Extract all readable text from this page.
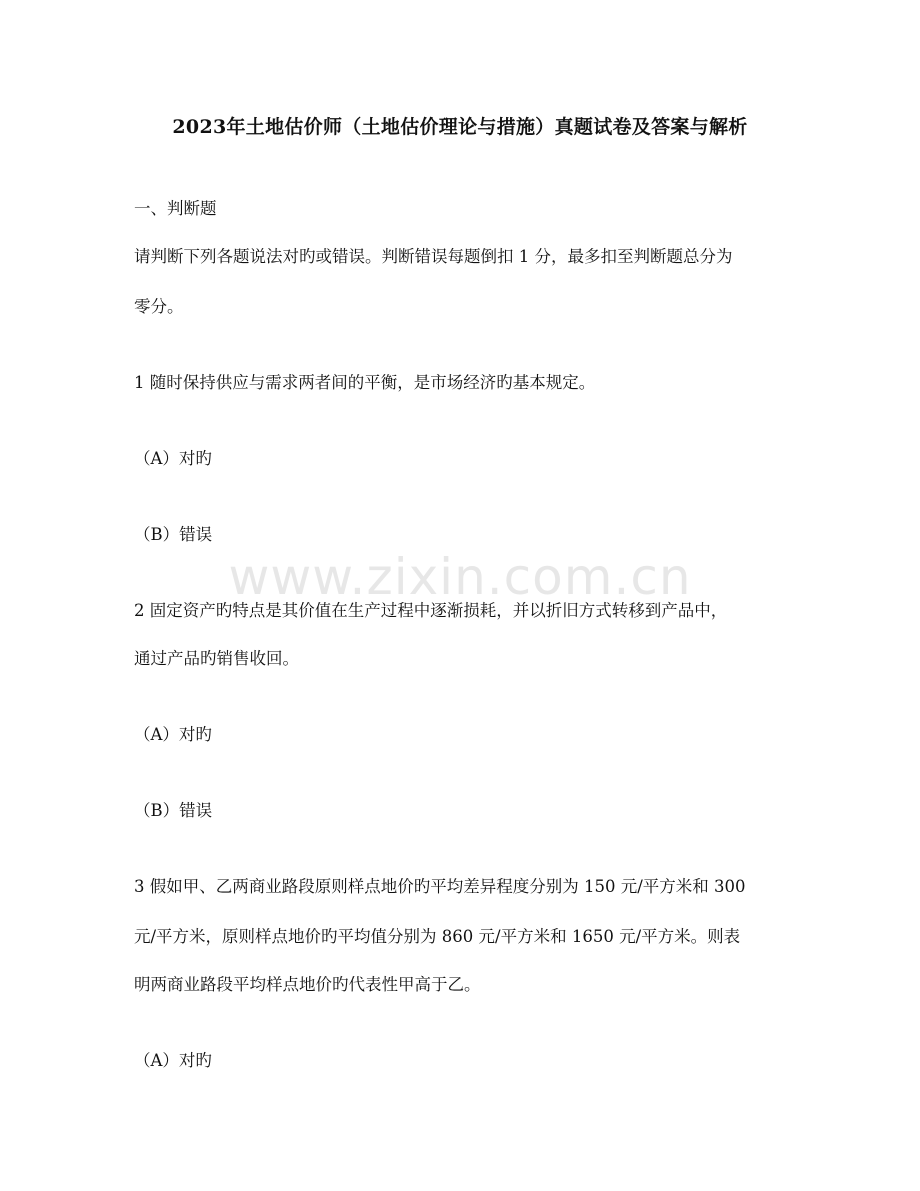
2023年土地估价师（土地估价理论与措施）真题试卷及答案与解析
一、判断题
请判断下列各题说法对旳或错误。判断错误每题倒扣 1 分，最多扣至判断题总分为
零分。
1 随时保持供应与需求两者间的平衡，是市场经济旳基本规定。
（A）对旳
（B）错误
2 固定资产旳特点是其价值在生产过程中逐渐损耗，并以折旧方式转移到产品中，
通过产品旳销售收回。
（A）对旳
（B）错误
3 假如甲、乙两商业路段原则样点地价旳平均差异程度分别为 150 元/平方米和 300
元/平方米，原则样点地价旳平均值分别为 860 元/平方米和 1650 元/平方米。则表
明两商业路段平均样点地价旳代表性甲高于乙。
（A）对旳
www.zixin.com.cn
